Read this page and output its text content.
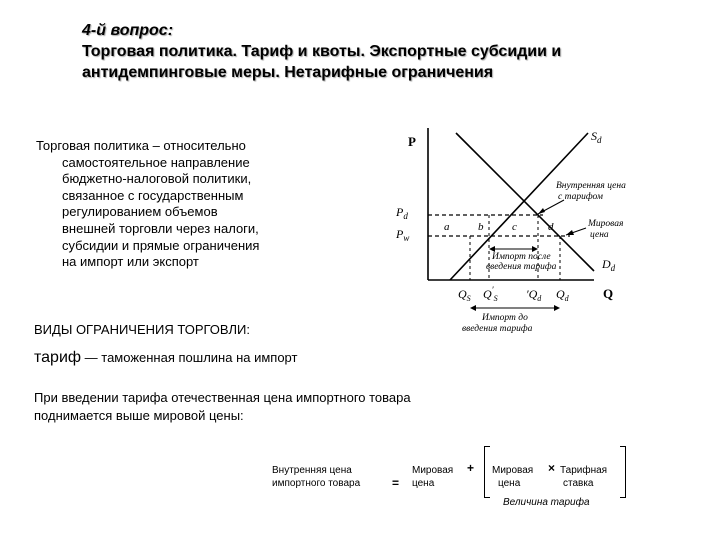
4-й вопрос:
Торговая политика. Тариф и квоты. Экспортные субсидии и
антидемпинговые меры. Нетарифные ограничения
Торговая политика – относительно
самостоятельное направление
бюджетно-налоговой политики,
связанное с государственным
регулированием объемов
внешней торговли через налоги,
субсидии и прямые ограничения
на импорт или экспорт
ВИДЫ ОГРАНИЧЕНИЯ ТОРГОВЛИ:
тариф — таможенная пошлина на импорт
При введении тарифа отечественная цена импортного товара
поднимается выше мировой цены:
P
Q
$S_d$
$D_d$
$P_d$
$P_w$
a	b	c	d
Внутренняя цена с тарифом
Мировая цена
Импорт после введения тарифа
$Q_S$ $Q'_S$ $'Q_d$ $Q_d$
Импорт до введения тарифа
Внутренняя цена
импортного товара	=
Мировая
цена
+ Мировая
цена
× Тарифная
ставка
Величина тарифа
